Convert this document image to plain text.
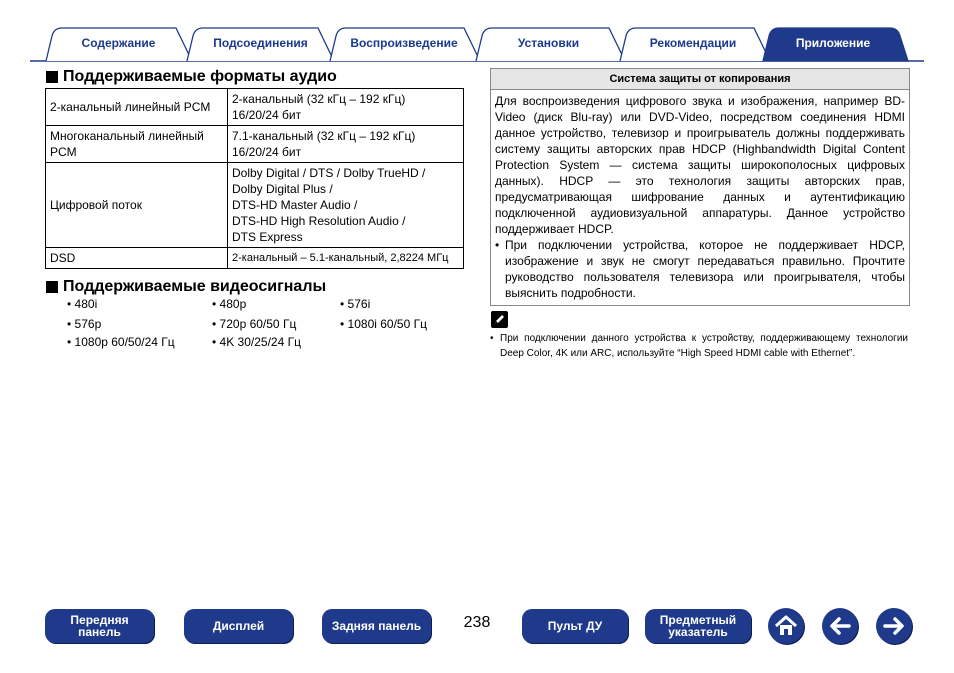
Содержание	Подсоединения	Воспроизведение	Установки	Рекомендации	Приложение
Поддерживаемые форматы аудио
2-канальный линейный PCM	2-канальный (32 кГц – 192 кГц)
16/20/24 бит

Многоканальный линейный PCM	7.1-канальный (32 кГц – 192 кГц)
16/20/24 бит

Цифровой поток	Dolby Digital / DTS / Dolby TrueHD /
Dolby Digital Plus /
DTS-HD Master Audio /
DTS-HD High Resolution Audio /
DTS Express

DSD	2-канальный – 5.1-канальный, 2,8224 МГц
Поддерживаемые видеосигналы
• 480i	• 480p	• 576i
• 576p	• 720p 60/50 Гц	• 1080i 60/50 Гц
• 1080p 60/50/24 Гц	• 4K 30/25/24 Гц
Система защиты от копирования
Для воспроизведения цифрового звука и изображения, например BD-Video (диск Blu-ray) или DVD-Video, посредством соединения HDMI данное устройство, телевизор и проигрыватель должны поддерживать систему защиты авторских прав HDCP (Highbandwidth Digital Content Protection System — система защиты широкополосных цифровых данных). HDCP — это технология защиты авторских прав, предусматривающая шифрование данных и аутентификацию подключенной аудиовизуальной аппаратуры. Данное устройство поддерживает HDCP.
• При подключении устройства, которое не поддерживает HDCP, изображение и звук не смогут передаваться правильно. Прочтите руководство пользователя телевизора или проигрывателя, чтобы выяснить подробности.
• При подключении данного устройства к устройству, поддерживающему технологии Deep Color, 4K или ARC, используйте “High Speed HDMI cable with Ethernet”.
Передняя
панель	Дисплей	Задняя панель	238	Пульт ДУ	Предметный
указатель
